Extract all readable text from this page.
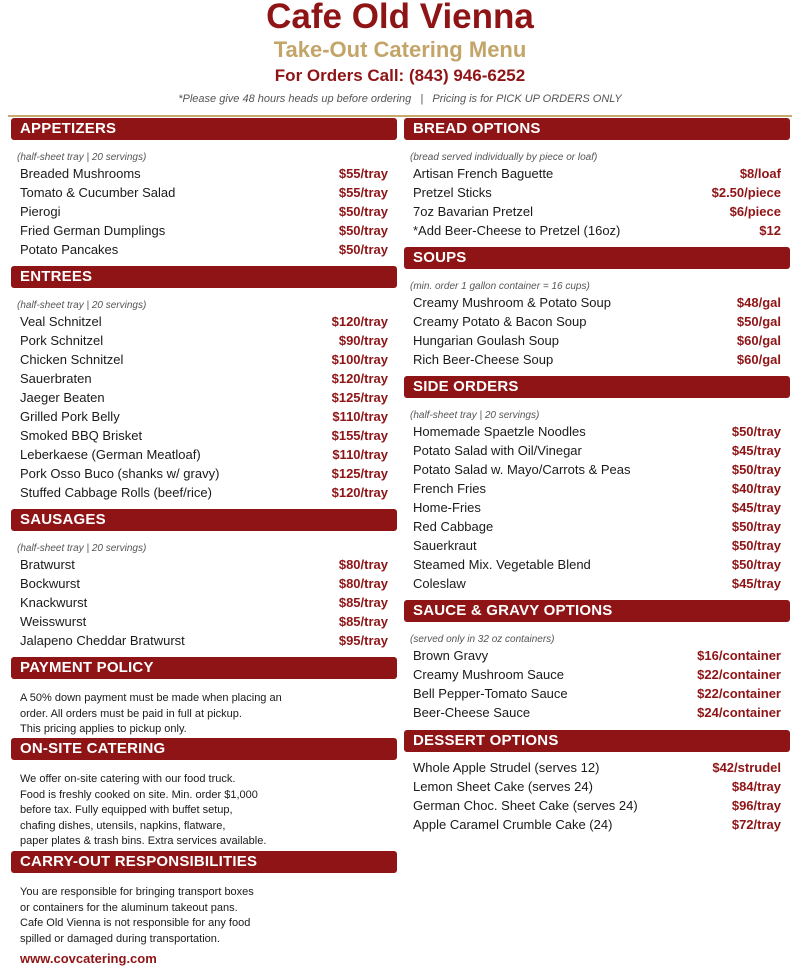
Cafe Old Vienna
Take-Out Catering Menu
For Orders Call: (843) 946-6252
*Please give 48 hours heads up before ordering   |   Pricing is for PICK UP ORDERS ONLY
APPETIZERS
(half-sheet tray | 20 servings)
Breaded Mushrooms	$55/tray
Tomato & Cucumber Salad	$55/tray
Pierogi	$50/tray
Fried German Dumplings	$50/tray
Potato Pancakes	$50/tray
ENTREES
(half-sheet tray | 20 servings)
Veal Schnitzel	$120/tray
Pork Schnitzel	$90/tray
Chicken Schnitzel	$100/tray
Sauerbraten	$120/tray
Jaeger Beaten	$125/tray
Grilled Pork Belly	$110/tray
Smoked BBQ Brisket	$155/tray
Leberkaese (German Meatloaf)	$110/tray
Pork Osso Buco (shanks w/ gravy)	$125/tray
Stuffed Cabbage Rolls (beef/rice)	$120/tray
SAUSAGES
(half-sheet tray | 20 servings)
Bratwurst	$80/tray
Bockwurst	$80/tray
Knackwurst	$85/tray
Weisswurst	$85/tray
Jalapeno Cheddar Bratwurst	$95/tray
PAYMENT POLICY
A 50% down payment must be made when placing an
order. All orders must be paid in full at pickup.
This pricing applies to pickup only.
ON-SITE CATERING
We offer on-site catering with our food truck.
Food is freshly cooked on site. Min. order $1,000
before tax. Fully equipped with buffet setup,
chafing dishes, utensils, napkins, flatware,
paper plates & trash bins. Extra services available.
CARRY-OUT RESPONSIBILITIES
You are responsible for bringing transport boxes
or containers for the aluminum takeout pans.
Cafe Old Vienna is not responsible for any food
spilled or damaged during transportation.
www.covcatering.com
BREAD OPTIONS
(bread served individually by piece or loaf)
Artisan French Baguette	$8/loaf
Pretzel Sticks	$2.50/piece
7oz Bavarian Pretzel	$6/piece
*Add Beer-Cheese to Pretzel (16oz)	$12
SOUPS
(min. order 1 gallon container = 16 cups)
Creamy Mushroom & Potato Soup	$48/gal
Creamy Potato & Bacon Soup	$50/gal
Hungarian Goulash Soup	$60/gal
Rich Beer-Cheese Soup	$60/gal
SIDE ORDERS
(half-sheet tray | 20 servings)
Homemade Spaetzle Noodles	$50/tray
Potato Salad with Oil/Vinegar	$45/tray
Potato Salad w. Mayo/Carrots & Peas	$50/tray
French Fries	$40/tray
Home-Fries	$45/tray
Red Cabbage	$50/tray
Sauerkraut	$50/tray
Steamed Mix. Vegetable Blend	$50/tray
Coleslaw	$45/tray
SAUCE & GRAVY OPTIONS
(served only in 32 oz containers)
Brown Gravy	$16/container
Creamy Mushroom Sauce	$22/container
Bell Pepper-Tomato Sauce	$22/container
Beer-Cheese Sauce	$24/container
DESSERT OPTIONS
Whole Apple Strudel (serves 12)	$42/strudel
Lemon Sheet Cake (serves 24)	$84/tray
German Choc. Sheet Cake (serves 24)	$96/tray
Apple Caramel Crumble Cake (24)	$72/tray
